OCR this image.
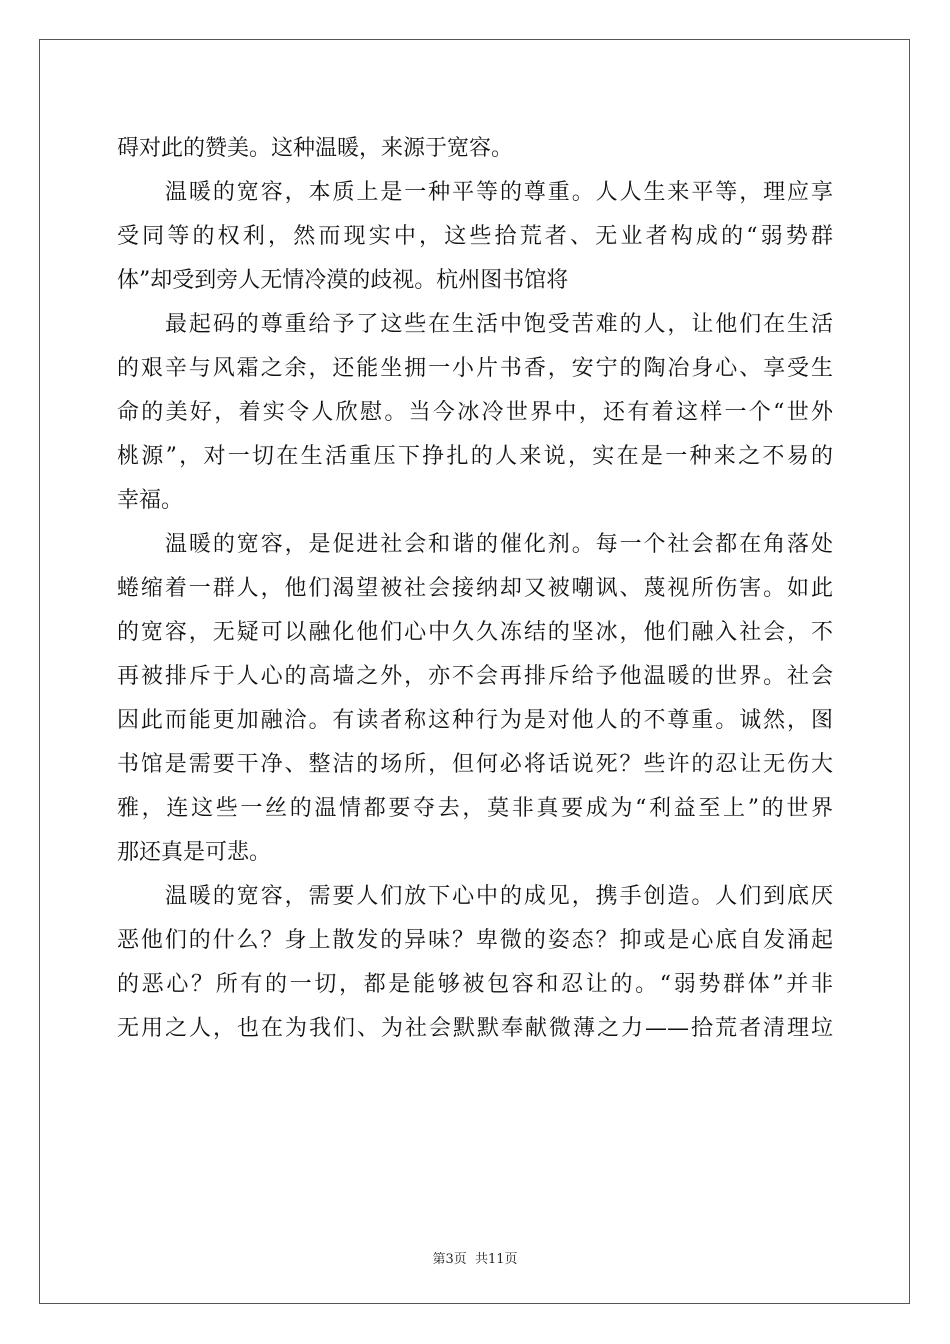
碍对此的赞美。这种温暖，来源于宽容。
温暖的宽容，本质上是一种平等的尊重。人人生来平等，理应享
受同等的权利，然而现实中，这些拾荒者、无业者构成的“弱势群
体”却受到旁人无情冷漠的歧视。杭州图书馆将
最起码的尊重给予了这些在生活中饱受苦难的人，让他们在生活
的艰辛与风霜之余，还能坐拥一小片书香，安宁的陶冶身心、享受生
命的美好，着实令人欣慰。当今冰冷世界中，还有着这样一个“世外
桃源”，对一切在生活重压下挣扎的人来说，实在是一种来之不易的
幸福。
温暖的宽容，是促进社会和谐的催化剂。每一个社会都在角落处
蜷缩着一群人，他们渴望被社会接纳却又被嘲讽、蔑视所伤害。如此
的宽容，无疑可以融化他们心中久久冻结的坚冰，他们融入社会，不
再被排斥于人心的高墙之外，亦不会再排斥给予他温暖的世界。社会
因此而能更加融洽。有读者称这种行为是对他人的不尊重。诚然，图
书馆是需要干净、整洁的场所，但何必将话说死？些许的忍让无伤大
雅，连这些一丝的温情都要夺去，莫非真要成为“利益至上”的世界
那还真是可悲。
温暖的宽容，需要人们放下心中的成见，携手创造。人们到底厌
恶他们的什么？身上散发的异味？卑微的姿态？抑或是心底自发涌起
的恶心？所有的一切，都是能够被包容和忍让的。“弱势群体”并非
无用之人，也在为我们、为社会默默奉献微薄之力——拾荒者清理垃
第3页 共11页
